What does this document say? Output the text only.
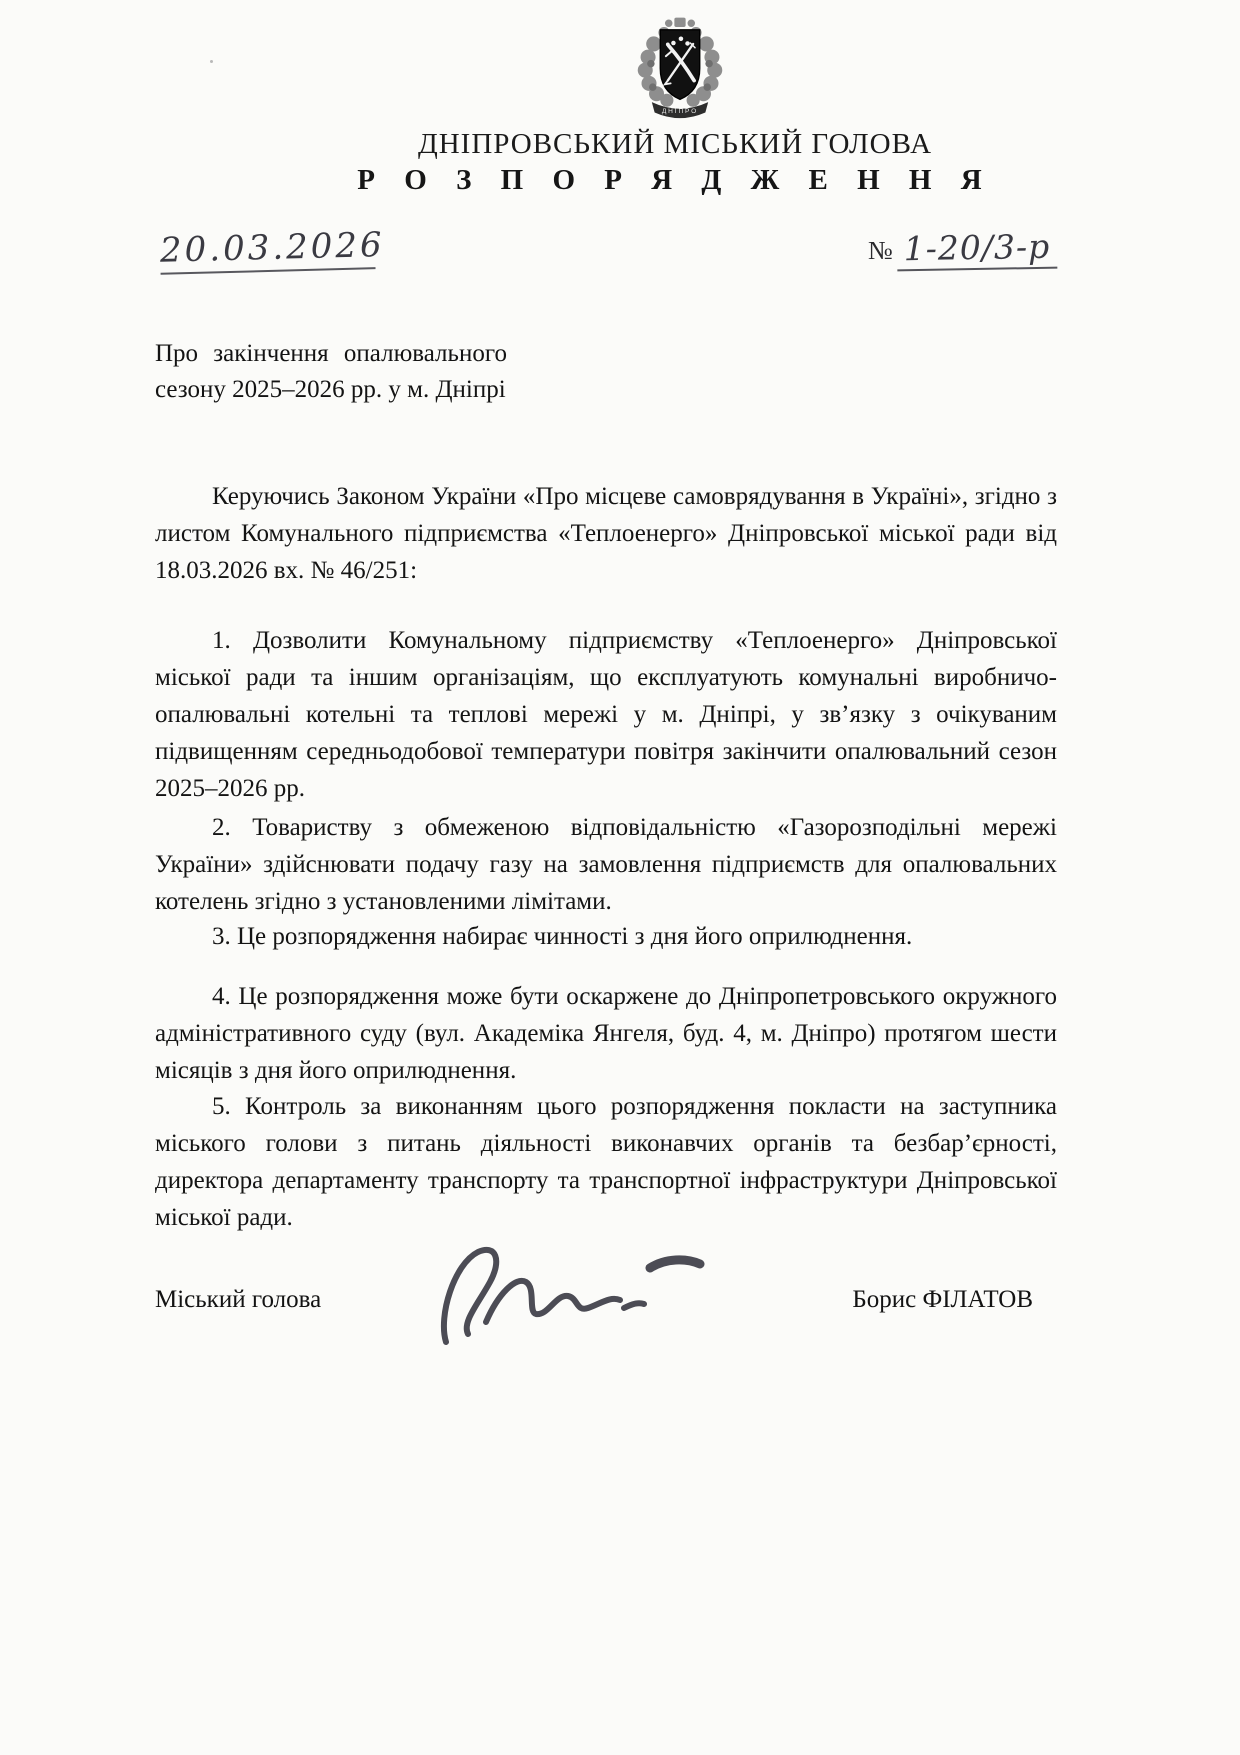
ДНІПРО
ДНІПРОВСЬКИЙ МІСЬКИЙ ГОЛОВА
Р О З П О Р Я Д Ж Е Н Н Я
20.03.2026	№ 1-20/3-р
Про закінчення опалювального
сезону 2025–2026 рр. у м. Дніпрі
Керуючись Законом України «Про місцеве самоврядування в Україні», згідно з листом Комунального підприємства «Теплоенерго» Дніпровської міської ради від 18.03.2026 вх. № 46/251:
1. Дозволити Комунальному підприємству «Теплоенерго» Дніпровської міської ради та іншим організаціям, що експлуатують комунальні виробничо-опалювальні котельні та теплові мережі у м. Дніпрі, у зв’язку з очікуваним підвищенням середньодобової температури повітря закінчити опалювальний сезон 2025–2026 рр.
2. Товариству з обмеженою відповідальністю «Газорозподільні мережі України» здійснювати подачу газу на замовлення підприємств для опалювальних котелень згідно з установленими лімітами.
3. Це розпорядження набирає чинності з дня його оприлюднення.
4. Це розпорядження може бути оскаржене до Дніпропетровського окружного адміністративного суду (вул. Академіка Янгеля, буд. 4, м. Дніпро) протягом шести місяців з дня його оприлюднення.
5. Контроль за виконанням цього розпорядження покласти на заступника міського голови з питань діяльності виконавчих органів та безбар’єрності, директора департаменту транспорту та транспортної інфраструктури Дніпровської міської ради.
Міський голова	Борис ФІЛАТОВ
